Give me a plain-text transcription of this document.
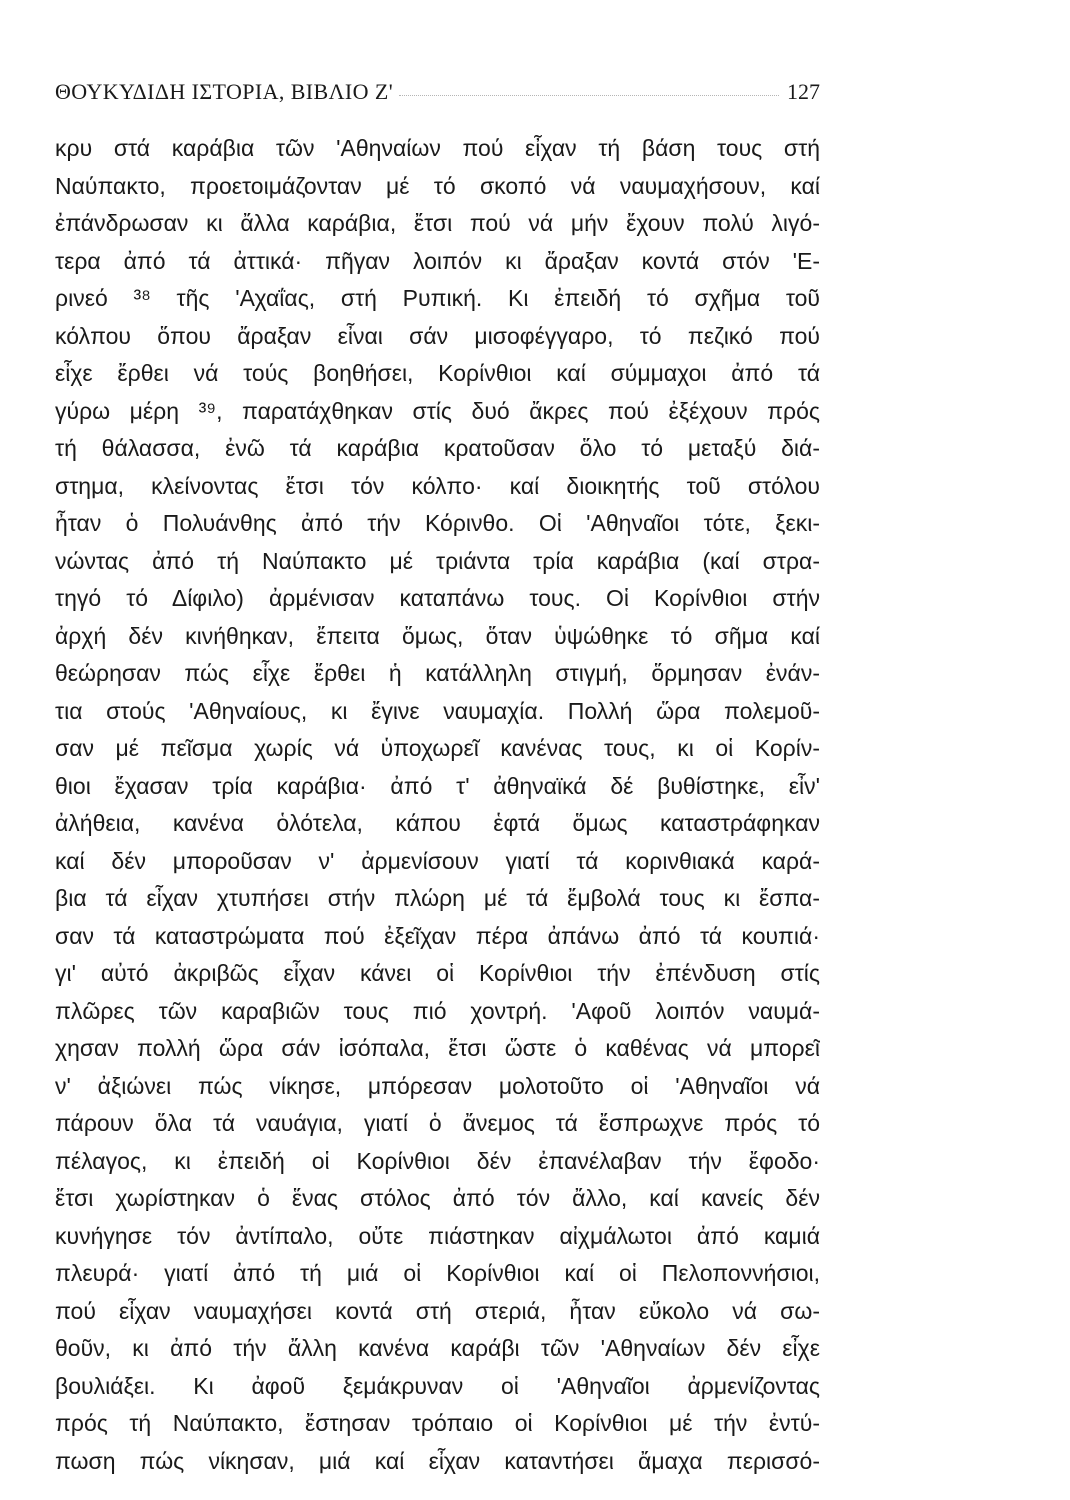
ΘΟΥΚΥΔΙΔΗ ΙΣΤΟΡΙΑ, ΒΙΒΛΙΟ Ζ'	127
κρυ στά καράβια τῶν 'Αθηναίων πού εἶχαν τή βάση τους στή
Ναύπακτο, προετοιμάζονταν μέ τό σκοπό νά ναυμαχήσουν, καί
ἐπάνδρωσαν κι ἄλλα καράβια, ἔτσι πού νά μήν ἔχουν πολύ λιγό-
τερα ἀπό τά ἀττικά· πῆγαν λοιπόν κι ἄραξαν κοντά στόν 'Ε-
ρινεό ³⁸ τῆς 'Αχαΐας, στή Ρυπική. Κι ἐπειδή τό σχῆμα τοῦ
κόλπου ὅπου ἄραξαν εἶναι σάν μισοφέγγαρο, τό πεζικό πού
εἶχε ἔρθει νά τούς βοηθήσει, Κορίνθιοι καί σύμμαχοι ἀπό τά
γύρω μέρη ³⁹, παρατάχθηκαν στίς δυό ἄκρες πού ἐξέχουν πρός
τή θάλασσα, ἐνῶ τά καράβια κρατοῦσαν ὅλο τό μεταξύ διά-
στημα, κλείνοντας ἔτσι τόν κόλπο· καί διοικητής τοῦ στόλου
ἦταν ὁ Πολυάνθης ἀπό τήν Κόρινθο. Οἱ 'Αθηναῖοι τότε, ξεκι-
νώντας ἀπό τή Ναύπακτο μέ τριάντα τρία καράβια (καί στρα-
τηγό τό Δίφιλο) ἀρμένισαν καταπάνω τους. Οἱ Κορίνθιοι στήν
ἀρχή δέν κινήθηκαν, ἔπειτα ὅμως, ὅταν ὑψώθηκε τό σῆμα καί
θεώρησαν πώς εἶχε ἔρθει ἡ κατάλληλη στιγμή, ὅρμησαν ἐνάν-
τια στούς 'Αθηναίους, κι ἔγινε ναυμαχία. Πολλή ὥρα πολεμοῦ-
σαν μέ πεῖσμα χωρίς νά ὑποχωρεῖ κανένας τους, κι οἱ Κορίν-
θιοι ἔχασαν τρία καράβια· ἀπό τ' ἀθηναϊκά δέ βυθίστηκε, εἶν'
ἀλήθεια, κανένα ὁλότελα, κάπου ἑφτά ὅμως καταστράφηκαν
καί δέν μποροῦσαν ν' ἀρμενίσουν γιατί τά κορινθιακά καρά-
βια τά εἶχαν χτυπήσει στήν πλώρη μέ τά ἔμβολά τους κι ἔσπα-
σαν τά καταστρώματα πού ἐξεῖχαν πέρα ἀπάνω ἀπό τά κουπιά·
γι' αὐτό ἀκριβῶς εἶχαν κάνει οἱ Κορίνθιοι τήν ἐπένδυση στίς
πλῶρες τῶν καραβιῶν τους πιό χοντρή. 'Αφοῦ λοιπόν ναυμά-
χησαν πολλή ὥρα σάν ἰσόπαλα, ἔτσι ὥστε ὁ καθένας νά μπορεῖ
ν' ἀξιώνει πώς νίκησε, μπόρεσαν μολοτοῦτο οἱ 'Αθηναῖοι νά
πάρουν ὅλα τά ναυάγια, γιατί ὁ ἄνεμος τά ἔσπρωχνε πρός τό
πέλαγος, κι ἐπειδή οἱ Κορίνθιοι δέν ἐπανέλαβαν τήν ἔφοδο·
ἔτσι χωρίστηκαν ὁ ἕνας στόλος ἀπό τόν ἄλλο, καί κανείς δέν
κυνήγησε τόν ἀντίπαλο, οὔτε πιάστηκαν αἰχμάλωτοι ἀπό καμιά
πλευρά· γιατί ἀπό τή μιά οἱ Κορίνθιοι καί οἱ Πελοποννήσιοι,
πού εἶχαν ναυμαχήσει κοντά στή στεριά, ἦταν εὔκολο νά σω-
θοῦν, κι ἀπό τήν ἄλλη κανένα καράβι τῶν 'Αθηναίων δέν εἶχε
βουλιάξει. Κι ἀφοῦ ξεμάκρυναν οἱ 'Αθηναῖοι ἀρμενίζοντας
πρός τή Ναύπακτο, ἔστησαν τρόπαιο οἱ Κορίνθιοι μέ τήν ἐντύ-
πωση πώς νίκησαν, μιά καί εἶχαν καταντήσει ἄμαχα περισσό-
